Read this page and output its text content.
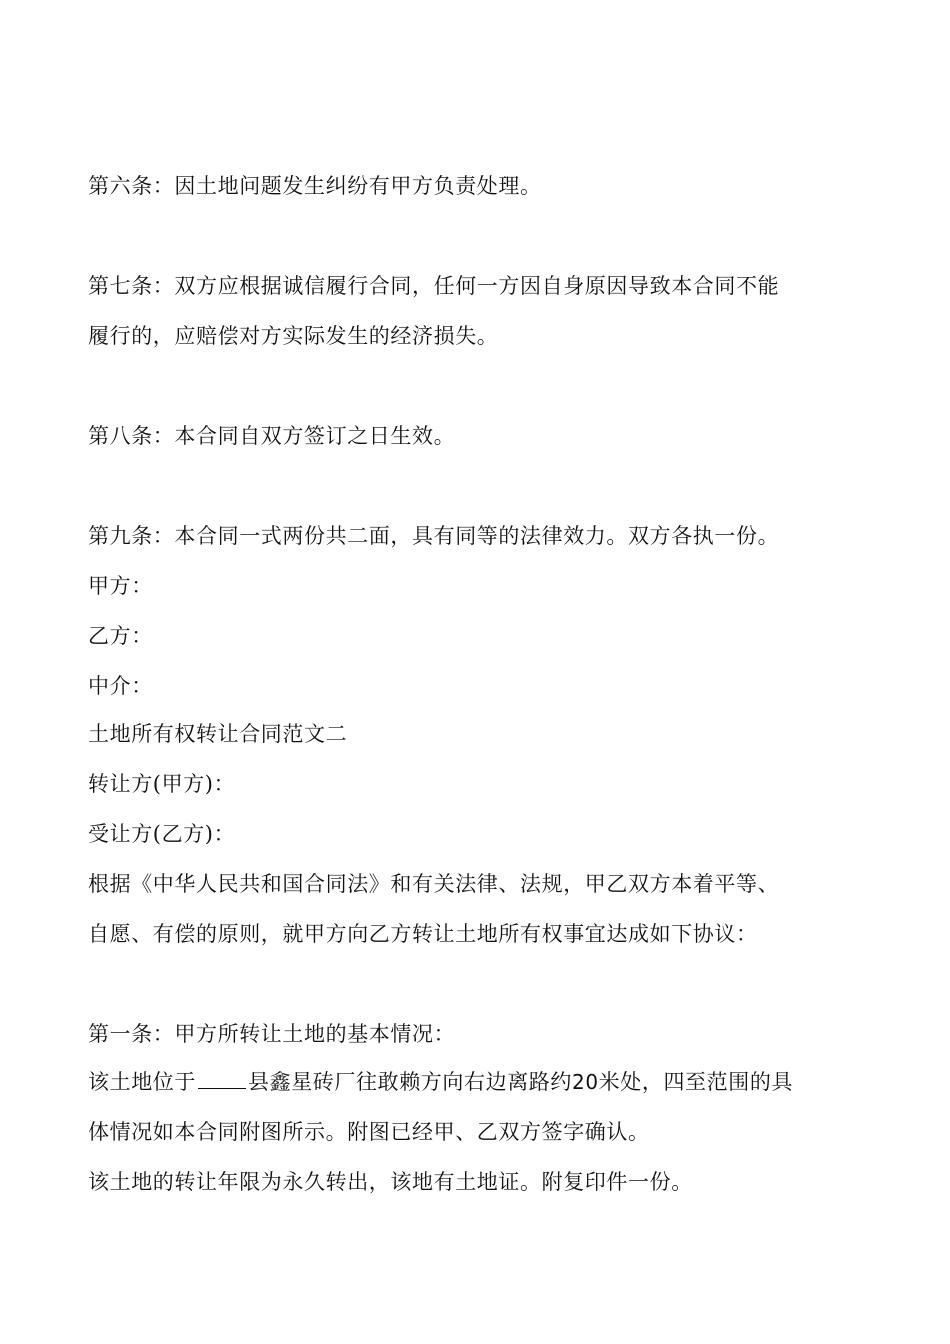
第六条：因土地问题发生纠纷有甲方负责处理。
第七条：双方应根据诚信履行合同，任何一方因自身原因导致本合同不能
履行的，应赔偿对方实际发生的经济损失。
第八条：本合同自双方签订之日生效。
第九条：本合同一式两份共二面，具有同等的法律效力。双方各执一份。
甲方：
乙方：
中介：
土地所有权转让合同范文二
转让方(甲方)：
受让方(乙方)：
根据《中华人民共和国合同法》和有关法律、法规，甲乙双方本着平等、
自愿、有偿的原则，就甲方向乙方转让土地所有权事宜达成如下协议：
第一条：甲方所转让土地的基本情况：
该土地位于 县鑫星砖厂往敢赖方向右边离路约20米处，四至范围的具
体情况如本合同附图所示。附图已经甲、乙双方签字确认。
该土地的转让年限为永久转出，该地有土地证。附复印件一份。
